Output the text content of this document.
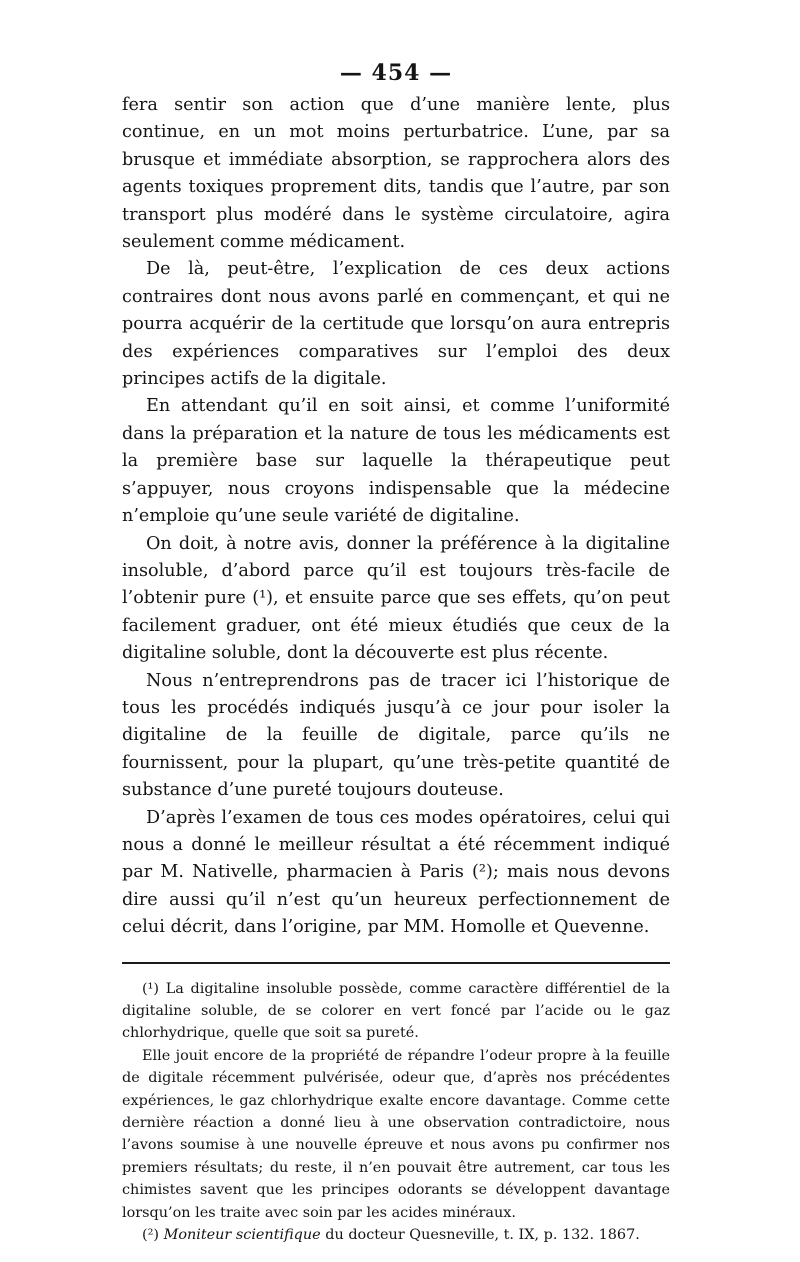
— 454 —

fera sentir son action que d’une manière lente, plus continue, en un mot moins perturbatrice. L’une, par sa brusque et immédiate absorption, se rapprochera alors des agents toxiques proprement dits, tandis que l’autre, par son transport plus modéré dans le système circulatoire, agira seulement comme médicament.

De là, peut-être, l’explication de ces deux actions contraires dont nous avons parlé en commençant, et qui ne pourra acquérir de la certitude que lorsqu’on aura entrepris des expériences comparatives sur l’emploi des deux principes actifs de la digitale.

En attendant qu’il en soit ainsi, et comme l’uniformité dans la préparation et la nature de tous les médicaments est la première base sur laquelle la thérapeutique peut s’appuyer, nous croyons indispensable que la médecine n’emploie qu’une seule variété de digitaline.

On doit, à notre avis, donner la préférence à la digitaline insoluble, d’abord parce qu’il est toujours très-facile de l’obtenir pure (¹), et ensuite parce que ses effets, qu’on peut facilement graduer, ont été mieux étudiés que ceux de la digitaline soluble, dont la découverte est plus récente.

Nous n’entreprendrons pas de tracer ici l’historique de tous les procédés indiqués jusqu’à ce jour pour isoler la digitaline de la feuille de digitale, parce qu’ils ne fournissent, pour la plupart, qu’une très-petite quantité de substance d’une pureté toujours douteuse.

D’après l’examen de tous ces modes opératoires, celui qui nous a donné le meilleur résultat a été récemment indiqué par M. Nativelle, pharmacien à Paris (²); mais nous devons dire aussi qu’il n’est qu’un heureux perfectionnement de celui décrit, dans l’origine, par MM. Homolle et Quevenne.

(¹) La digitaline insoluble possède, comme caractère différentiel de la digitaline soluble, de se colorer en vert foncé par l’acide ou le gaz chlorhydrique, quelle que soit sa pureté.

Elle jouit encore de la propriété de répandre l’odeur propre à la feuille de digitale récemment pulvérisée, odeur que, d’après nos précédentes expériences, le gaz chlorhydrique exalte encore davantage. Comme cette dernière réaction a donné lieu à une observation contradictoire, nous l’avons soumise à une nouvelle épreuve et nous avons pu confirmer nos premiers résultats; du reste, il n’en pouvait être autrement, car tous les chimistes savent que les principes odorants se développent davantage lorsqu’on les traite avec soin par les acides minéraux.

(²) Moniteur scientifique du docteur Quesneville, t. IX, p. 132. 1867.
